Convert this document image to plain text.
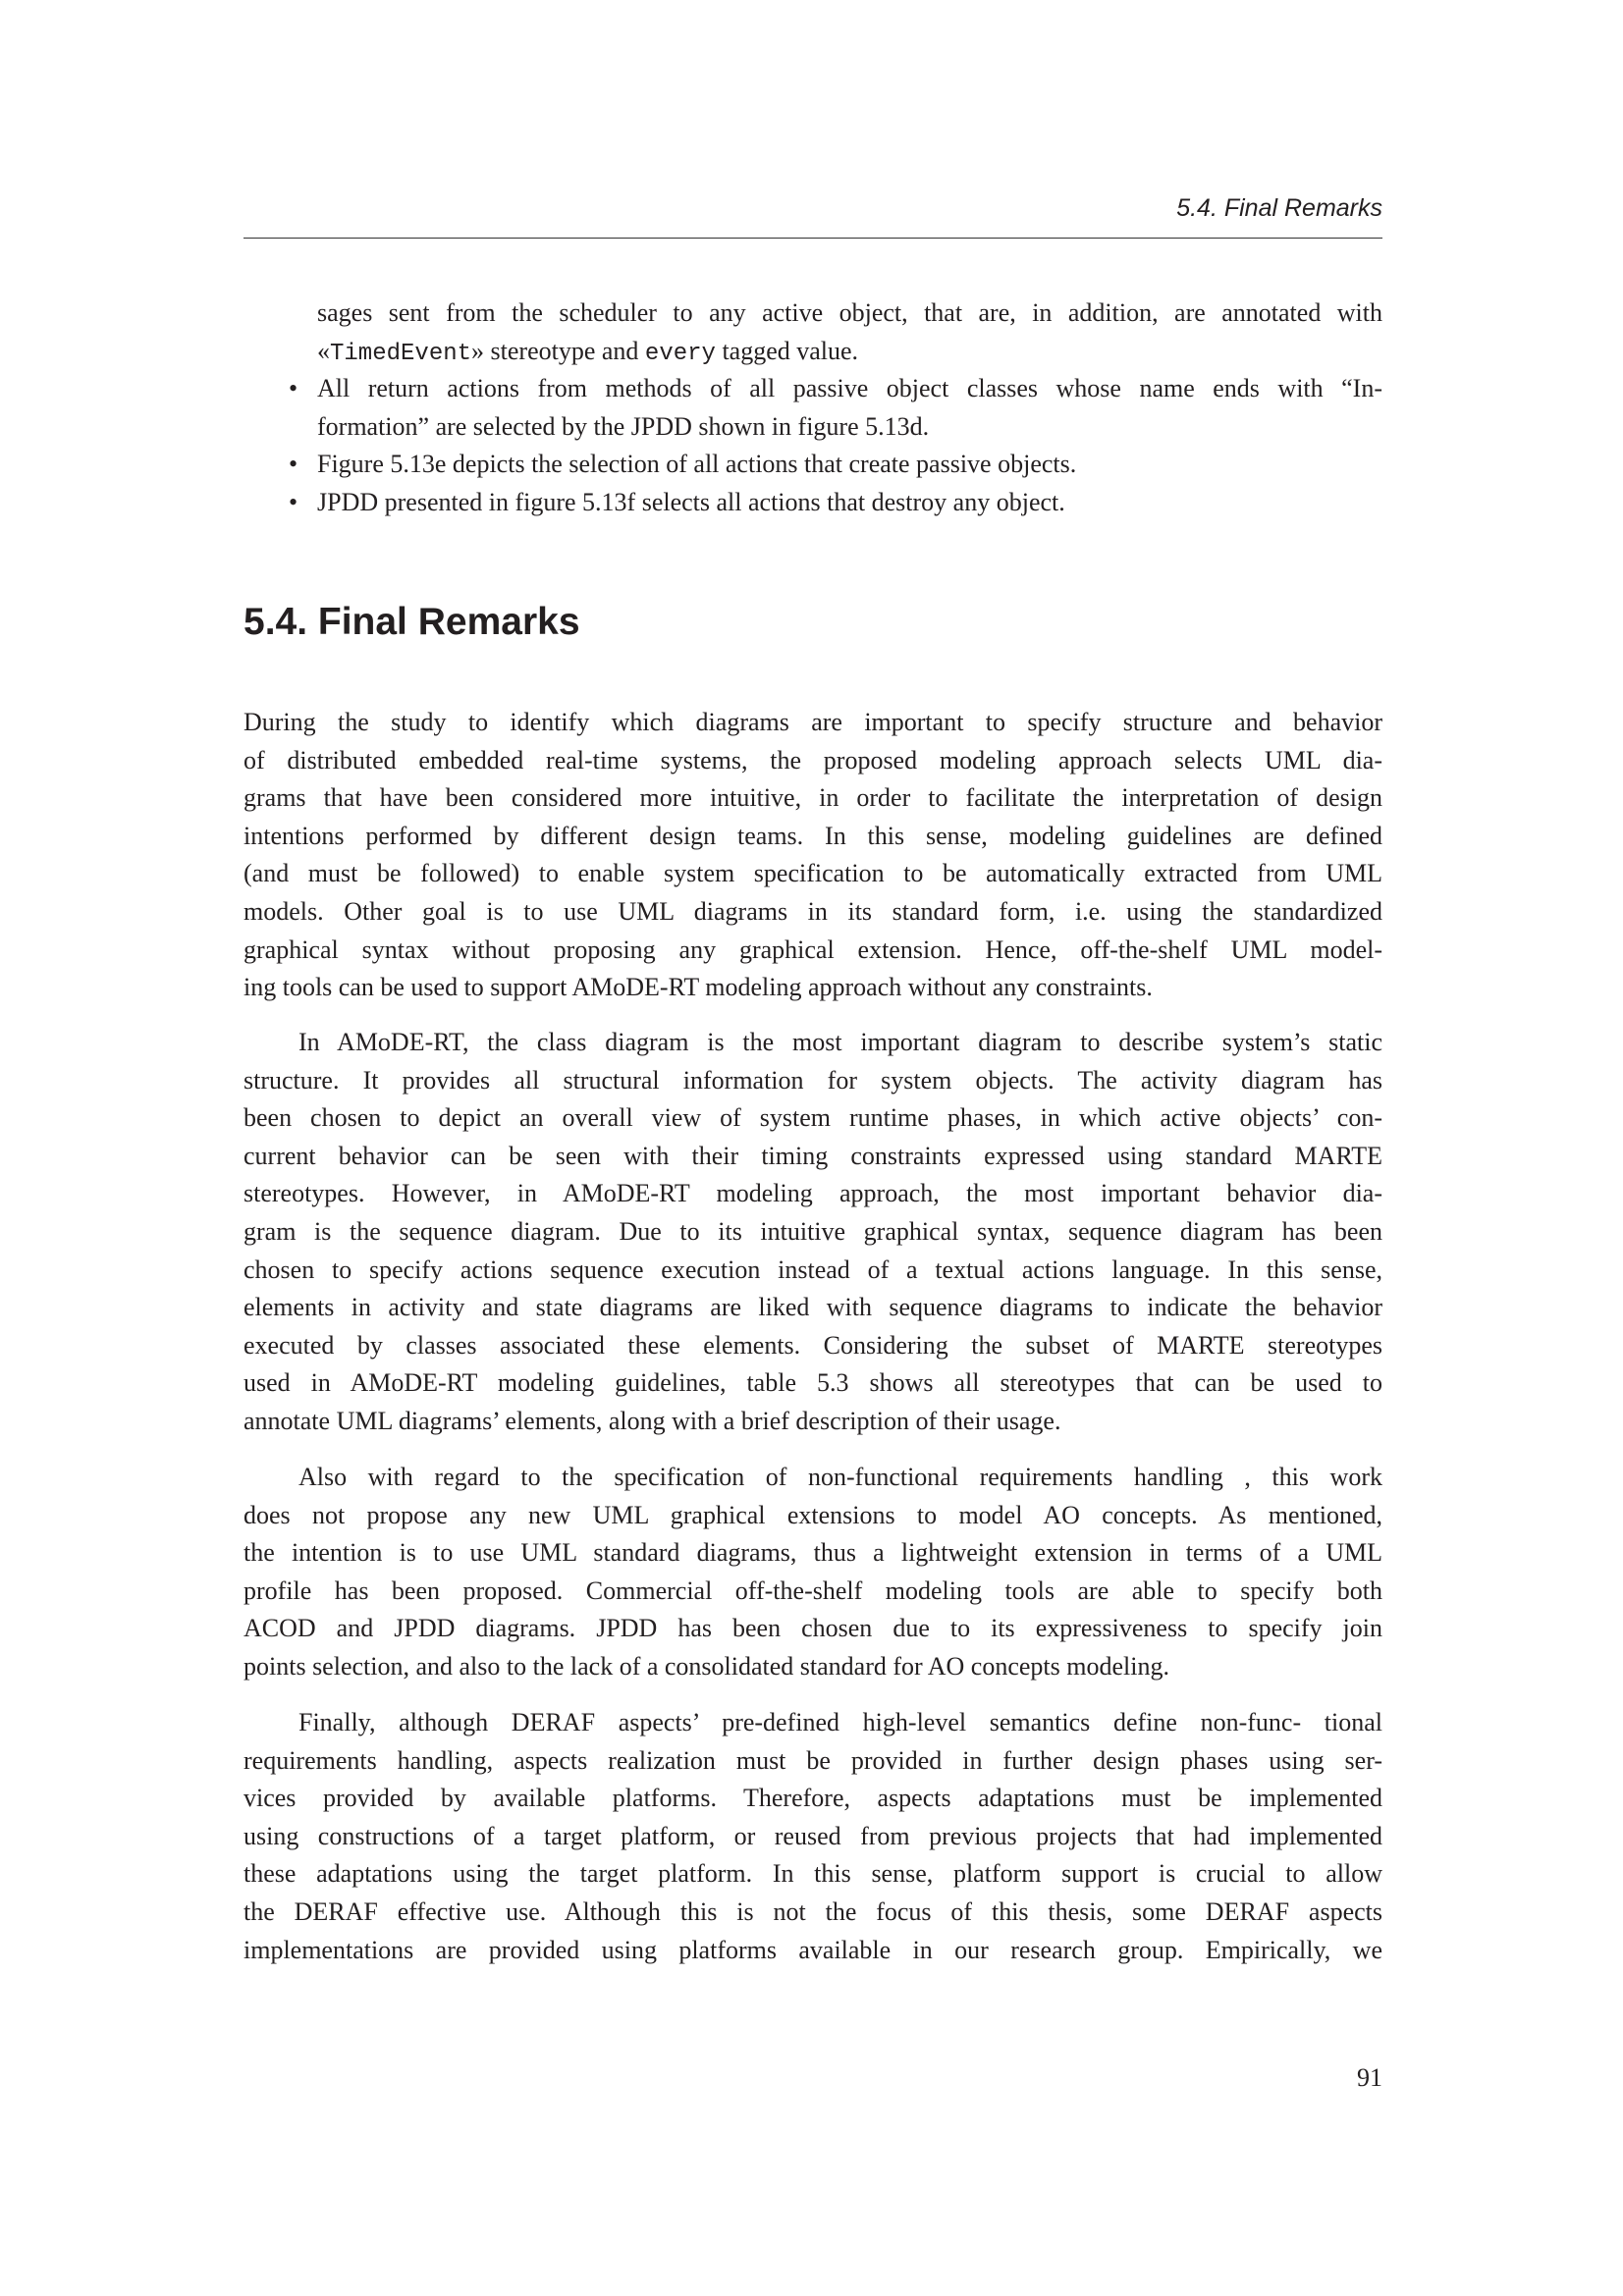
5.4. Final Remarks
sages sent from the scheduler to any active object, that are, in addition, are annotated with
«TimedEvent» stereotype and every tagged value.
• All return actions from methods of all passive object classes whose name ends with “In-
formation” are selected by the JPDD shown in figure 5.13d.
• Figure 5.13e depicts the selection of all actions that create passive objects.
• JPDD presented in figure 5.13f selects all actions that destroy any object.
5.4. Final Remarks
During the study to identify which diagrams are important to specify structure and behavior
of distributed embedded real-time systems, the proposed modeling approach selects UML dia-
grams that have been considered more intuitive, in order to facilitate the interpretation of design
intentions performed by different design teams. In this sense, modeling guidelines are defined
(and must be followed) to enable system specification to be automatically extracted from UML
models. Other goal is to use UML diagrams in its standard form, i.e. using the standardized
graphical syntax without proposing any graphical extension. Hence, off-the-shelf UML model-
ing tools can be used to support AMoDE-RT modeling approach without any constraints.
In AMoDE-RT, the class diagram is the most important diagram to describe system’s static
structure. It provides all structural information for system objects. The activity diagram has
been chosen to depict an overall view of system runtime phases, in which active objects’ con-
current behavior can be seen with their timing constraints expressed using standard MARTE
stereotypes. However, in AMoDE-RT modeling approach, the most important behavior dia-
gram is the sequence diagram. Due to its intuitive graphical syntax, sequence diagram has been
chosen to specify actions sequence execution instead of a textual actions language. In this sense,
elements in activity and state diagrams are liked with sequence diagrams to indicate the behavior
executed by classes associated these elements. Considering the subset of MARTE stereotypes
used in AMoDE-RT modeling guidelines, table 5.3 shows all stereotypes that can be used to
annotate UML diagrams’ elements, along with a brief description of their usage.
Also with regard to the specification of non-functional requirements handling , this work
does not propose any new UML graphical extensions to model AO concepts. As mentioned,
the intention is to use UML standard diagrams, thus a lightweight extension in terms of a UML
profile has been proposed. Commercial off-the-shelf modeling tools are able to specify both
ACOD and JPDD diagrams. JPDD has been chosen due to its expressiveness to specify join
points selection, and also to the lack of a consolidated standard for AO concepts modeling.
Finally, although DERAF aspects’ pre-defined high-level semantics define non-func- tional
requirements handling, aspects realization must be provided in further design phases using ser-
vices provided by available platforms. Therefore, aspects adaptations must be implemented
using constructions of a target platform, or reused from previous projects that had implemented
these adaptations using the target platform. In this sense, platform support is crucial to allow
the DERAF effective use. Although this is not the focus of this thesis, some DERAF aspects
implementations are provided using platforms available in our research group. Empirically, we
91
